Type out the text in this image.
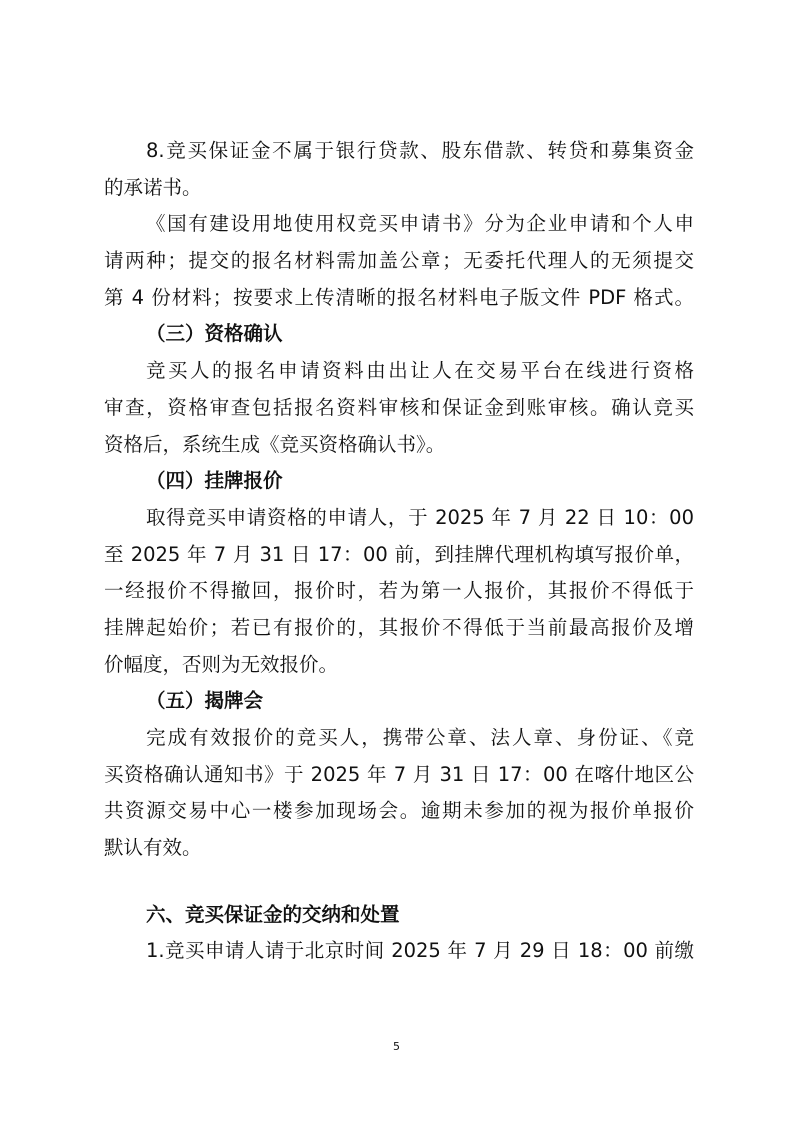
8.竞买保证金不属于银行贷款、股东借款、转贷和募集资金
的承诺书。
《国有建设用地使用权竞买申请书》分为企业申请和个人申
请两种；提交的报名材料需加盖公章；无委托代理人的无须提交
第 4 份材料；按要求上传清晰的报名材料电子版文件 PDF 格式。
（三）资格确认
竞买人的报名申请资料由出让人在交易平台在线进行资格
审查，资格审查包括报名资料审核和保证金到账审核。确认竞买
资格后，系统生成《竞买资格确认书》。
（四）挂牌报价
取得竞买申请资格的申请人，于 2025 年 7 月 22 日 10：00
至 2025 年 7 月 31 日 17：00 前，到挂牌代理机构填写报价单，
一经报价不得撤回，报价时，若为第一人报价，其报价不得低于
挂牌起始价；若已有报价的，其报价不得低于当前最高报价及增
价幅度，否则为无效报价。
（五）揭牌会
完成有效报价的竞买人，携带公章、法人章、身份证、《竞
买资格确认通知书》于 2025 年 7 月 31 日 17：00 在喀什地区公
共资源交易中心一楼参加现场会。逾期未参加的视为报价单报价
默认有效。
六、竞买保证金的交纳和处置
1.竞买申请人请于北京时间 2025 年 7 月 29 日 18：00 前缴
5
